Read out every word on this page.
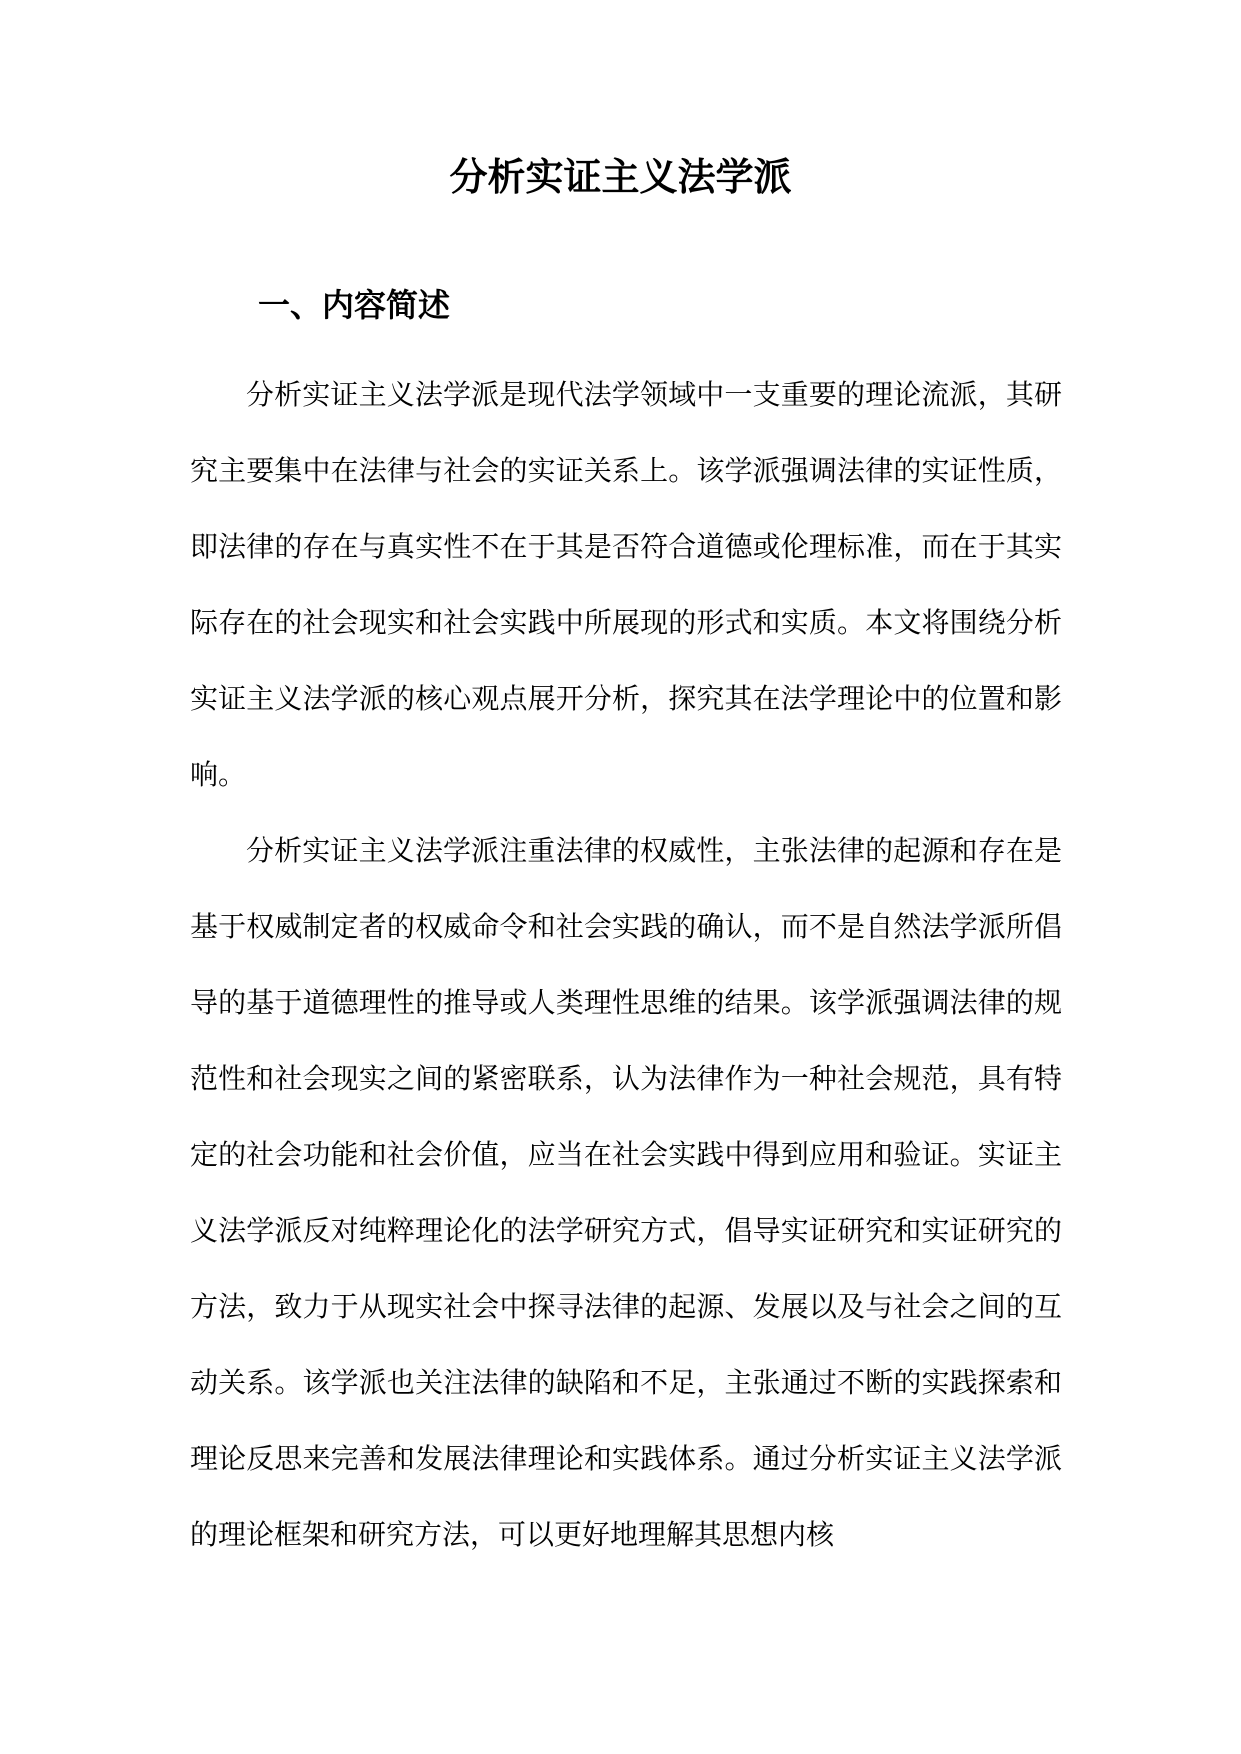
分析实证主义法学派
一、内容简述

分析实证主义法学派是现代法学领域中一支重要的理论流派，其研究主要集中在法律与社会的实证关系上。该学派强调法律的实证性质，即法律的存在与真实性不在于其是否符合道德或伦理标准，而在于其实际存在的社会现实和社会实践中所展现的形式和实质。本文将围绕分析实证主义法学派的核心观点展开分析，探究其在法学理论中的位置和影响。

分析实证主义法学派注重法律的权威性，主张法律的起源和存在是基于权威制定者的权威命令和社会实践的确认，而不是自然法学派所倡导的基于道德理性的推导或人类理性思维的结果。该学派强调法律的规范性和社会现实之间的紧密联系，认为法律作为一种社会规范，具有特定的社会功能和社会价值，应当在社会实践中得到应用和验证。实证主义法学派反对纯粹理论化的法学研究方式，倡导实证研究和实证研究的方法，致力于从现实社会中探寻法律的起源、发展以及与社会之间的互动关系。该学派也关注法律的缺陷和不足，主张通过不断的实践探索和理论反思来完善和发展法律理论和实践体系。通过分析实证主义法学派的理论框架和研究方法，可以更好地理解其思想内核
